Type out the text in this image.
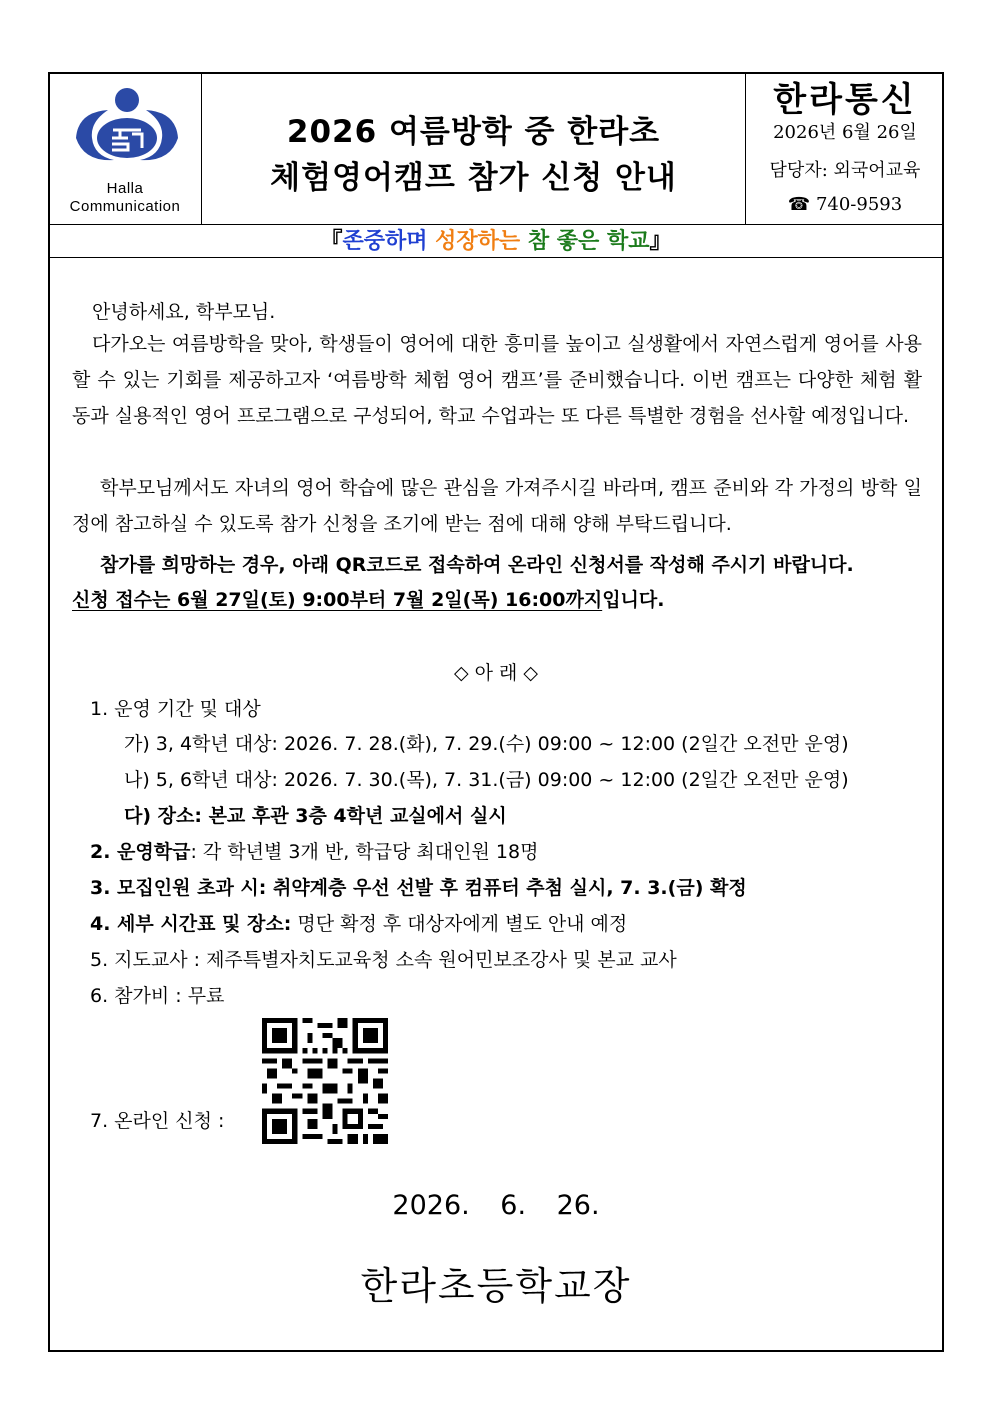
Halla
Communication
2026 여름방학 중 한라초
체험영어캠프 참가 신청 안내
한라통신
2026년 6월 26일
담당자: 외국어교육
☎ 740-9593
『존중하며 성장하는 참 좋은 학교』
안녕하세요, 학부모님.
다가오는 여름방학을 맞아, 학생들이 영어에 대한 흥미를 높이고 실생활에서 자연스럽게 영어를 사용할 수 있는 기회를 제공하고자 ‘여름방학 체험 영어 캠프’를 준비했습니다. 이번 캠프는 다양한 체험 활동과 실용적인 영어 프로그램으로 구성되어, 학교 수업과는 또 다른 특별한 경험을 선사할 예정입니다.
학부모님께서도 자녀의 영어 학습에 많은 관심을 가져주시길 바라며, 캠프 준비와 각 가정의 방학 일정에 참고하실 수 있도록 참가 신청을 조기에 받는 점에 대해 양해 부탁드립니다.
참가를 희망하는 경우, 아래 QR코드로 접속하여 온라인 신청서를 작성해 주시기 바랍니다.
신청 접수는 6월 27일(토) 9:00부터 7월 2일(목) 16:00까지입니다.
◇ 아 래 ◇
1. 운영 기간 및 대상
가) 3, 4학년 대상: 2026. 7. 28.(화), 7. 29.(수) 09:00 ~ 12:00 (2일간 오전만 운영)
나) 5, 6학년 대상: 2026. 7. 30.(목), 7. 31.(금) 09:00 ~ 12:00 (2일간 오전만 운영)
다) 장소: 본교 후관 3층 4학년 교실에서 실시
2. 운영학급: 각 학년별 3개 반, 학급당 최대인원 18명
3. 모집인원 초과 시: 취약계층 우선 선발 후 컴퓨터 추첨 실시, 7. 3.(금) 확정
4. 세부 시간표 및 장소: 명단 확정 후 대상자에게 별도 안내 예정
5. 지도교사 : 제주특별자치도교육청 소속 원어민보조강사 및 본교 교사
6. 참가비 : 무료
7. 온라인 신청 :
2026. 6. 26.
한라초등학교장
